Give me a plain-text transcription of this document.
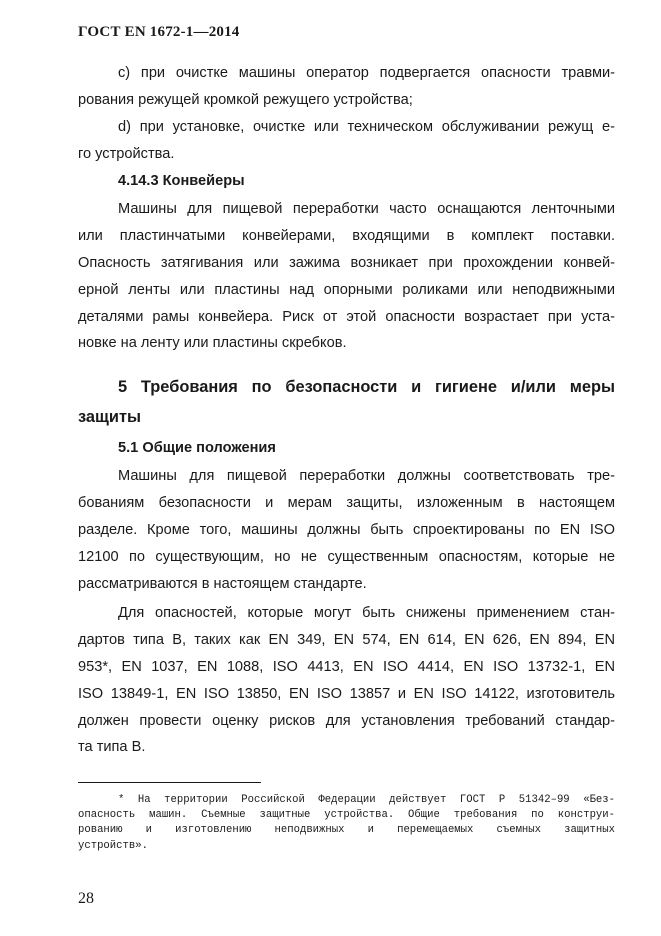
ГОСТ EN 1672-1—2014
c) при очистке машины оператор подвергается опасности травми-
рования режущей кромкой режущего устройства;
d) при установке, очистке или техническом обслуживании режущ е-
го устройства.
4.14.3 Конвейеры
Машины для пищевой переработки часто оснащаются ленточными
или пластинчатыми конвейерами, входящими в комплект поставки.
Опасность затягивания или зажима возникает при прохождении конвей-
ерной ленты или пластины над опорными роликами или неподвижными
деталями рамы конвейера. Риск от этой опасности возрастает при уста-
новке на ленту или пластины скребков.
5 Требования по безопасности и гигиене и/или меры
защиты
5.1 Общие положения
Машины для пищевой переработки должны соответствовать тре-
бованиям безопасности и мерам защиты, изложенным в настоящем
разделе. Кроме того, машины должны быть спроектированы по EN ISO
12100 по существующим, но не существенным опасностям, которые не
рассматриваются в настоящем стандарте.
Для опасностей, которые могут быть снижены применением стан-
дартов типа В, таких как EN 349, EN 574, EN 614, EN 626, EN 894, EN
953*, EN 1037, EN 1088, ISO 4413, EN ISO 4414, EN ISO 13732-1, EN
ISO 13849-1, EN ISO 13850, EN ISO 13857 и EN ISO 14122, изготовитель
должен провести оценку рисков для установления требований стандар-
та типа В.
* На территории Российской Федерации действует ГОСТ Р 51342–99 «Без-
опасность машин. Съемные защитные устройства. Общие требования по конструи-
рованию и изготовлению неподвижных и перемещаемых съемных защитных
устройств».
28
